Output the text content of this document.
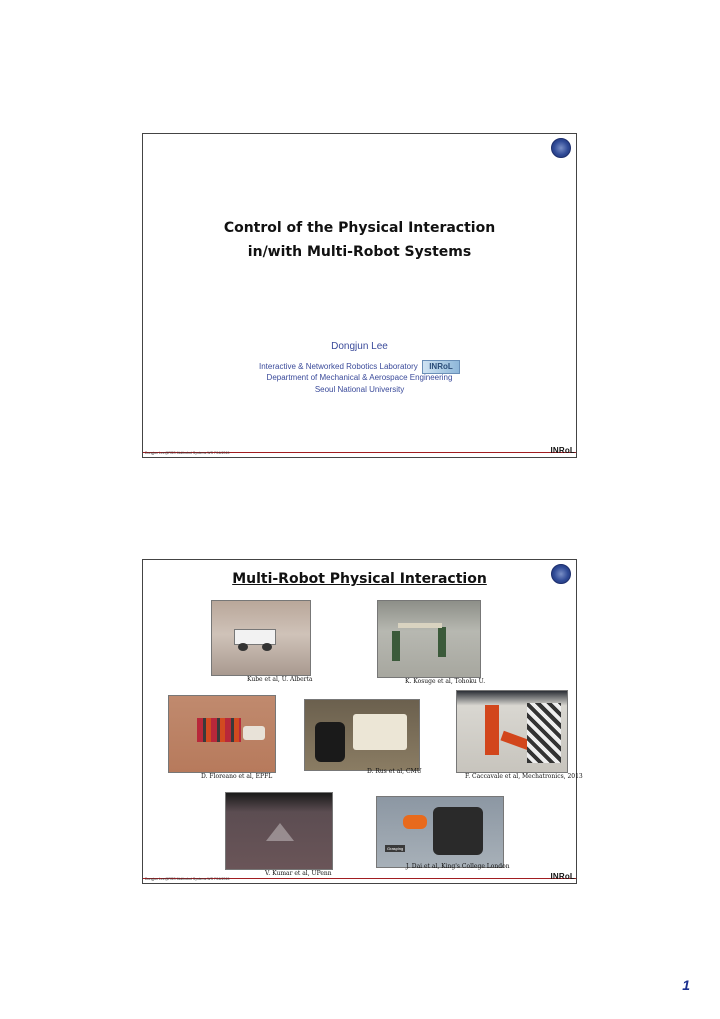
Control of the Physical Interaction
in/with Multi-Robot Systems
Dongjun Lee
Interactive & Networked Robotics Laboratory INRoL
Department of Mechanical & Aerospace Engineering
Seoul National University
Dongjun Lee@RSS Multirobot Systems WS 7/16/2015	INRoL
Multi-Robot Physical Interaction
Kube et al, U. Alberta	K. Kosuge et al, Tohoku U.
D. Floreano et al, EPFL
D. Rus et al, CMU
F. Caccavale et al, Mechatronics, 2013
V. Kumar et al, UPenn
Grasping
J. Dai et al, King's College London
Dongjun Lee@RSS Multirobot Systems WS 7/16/2015	INRoL
1
